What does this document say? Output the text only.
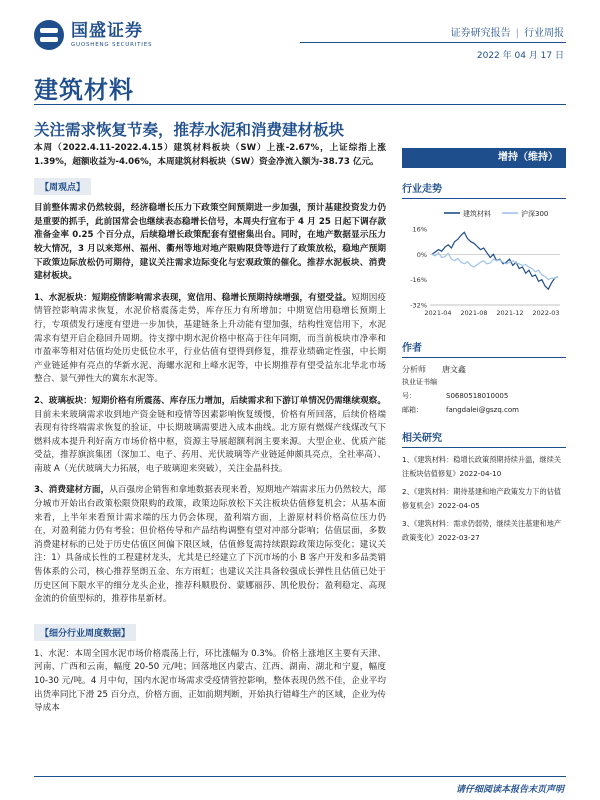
国盛证券
GUOSHENG SECURITIES
证券研究报告 | 行业周报
2022 年 04 月 17 日
建筑材料
关注需求恢复节奏，推荐水泥和消费建材板块

本周（2022.4.11-2022.4.15）建筑材料板块（SW）上涨-2.67%，上证综指上涨 1.39%，超额收益为-4.06%，本周建筑材料板块（SW）资金净流入额为-38.73 亿元。

【周观点】

目前整体需求仍然较弱，经济稳增长压力下政策空间预期进一步加强，预计基建投资发力仍是重要的抓手，此前国常会也继续表态稳增长信号，本周央行宣布于 4 月 25 日起下调存款准备金率 0.25 个百分点，后续稳增长政策配套有望密集出台。同时，在地产数据显示压力较大情况，3 月以来郑州、福州、衢州等地对地产限购限贷等进行了政策放松，稳地产预期下政策边际放松仍可期待，建议关注需求边际变化与宏观政策的催化。推荐水泥板块、消费建材板块。

1、水泥板块：短期疫情影响需求表现，宽信用、稳增长预期持续增强，有望受益。短期因疫情管控影响需求恢复，水泥价格震荡走势，库存压力有所增加；中期宽信用稳增长预期上行，专项债发行速度有望进一步加快，基建链条上升动能有望加强，结构性宽信用下，水泥需求有望开启企稳回升周期。待支撑中期水泥价格中枢高于往年同期，而当前板块市净率和市盈率等相对估值均处历史低位水平，行业估值有望得到修复，推荐业绩确定性强，中长期产业链延伸有亮点的华新水泥、海螺水泥和上峰水泥等，中长期推荐有望受益东北华北市场整合、景气弹性大的冀东水泥等。

2、玻璃板块：短期价格有所震荡、库存压力增加，后续需求和下游订单情况仍需继续观察。目前未来玻璃需求收到地产资金链和疫情等因素影响恢复缓慢，价格有所回落，后续价格端表现有待终端需求恢复的验证，中长期玻璃需要进入成本曲线。北方原有燃煤产线煤改气下燃料成本提升利好南方市场价格中枢，资源主导展超额利润主要来源。大型企业、优质产能受益，推荐旗滨集团（深加工、电子、药用、光伏玻璃等产业链延伸颇具亮点，全社率高）、南玻 A（光伏玻璃大力拓展，电子玻璃迎来突破），关注金晶科技。

3、消费建材方面，从百强房企销售和拿地数据表现来看，短期地产端需求压力仍然较大，部分城市开始出台政策松限贷限购的政策，政策边际放松下关注板块估值修复机会；从基本面来看，上半年来看预计需求端的压力仍会体现，盈利端方面，上游原材料价格高位压力仍在，对盈利能力仍有考验；但价格传导和产品结构调整有望对冲部分影响；估值层面，多数消费建材标的已处于历史估值区间偏下限区域，估值修复需持续跟踪政策边际变化；建议关注：1）具备成长性的工程建材龙头，尤其是已经建立了下沉市场的小 B 客户开发和多品类销售体系的公司，核心推荐坚朗五金、东方雨虹；也建议关注具备较强成长弹性且估值已处于历史区间下限水平的细分龙头企业，推荐科顺股份、蒙娜丽莎、凯伦股份；盈利稳定、高现金流的价值型标的，推荐伟星新材。

【细分行业周度数据】

1、水泥：本周全国水泥市场价格震荡上行，环比涨幅为 0.3%。价格上涨地区主要有天津、河南、广西和云南，幅度 20-50 元/吨；回落地区内蒙古、江西、湖南、湖北和宁夏，幅度 10-30 元/吨。4 月中旬，国内水泥市场需求受疫情管控影响，整体表现仍然不佳，企业平均出货率同比下滑 25 百分点，价格方面，正如前期判断，开始执行错峰生产的区域，企业为传导成本

增持（维持）
行业走势
建筑材料	沪深300
16%
0%
-16%
-32%
2021-04 2021-08 2021-12 2022-03
作者
分析师 唐文鑫
执业证书编号：	S0680518010005
邮箱：	fangdalei@gszq.com
相关研究
1、《建筑材料：稳增长政策预期持续升温，继续关注板块估值修复》2022-04-10
2、《建筑材料：期待基建和地产政策发力下的估值修复机会》2022-04-05
3、《建筑材料：需求仍弱势，继续关注基建和地产政策变化》2022-03-27
请仔细阅读本报告末页声明
